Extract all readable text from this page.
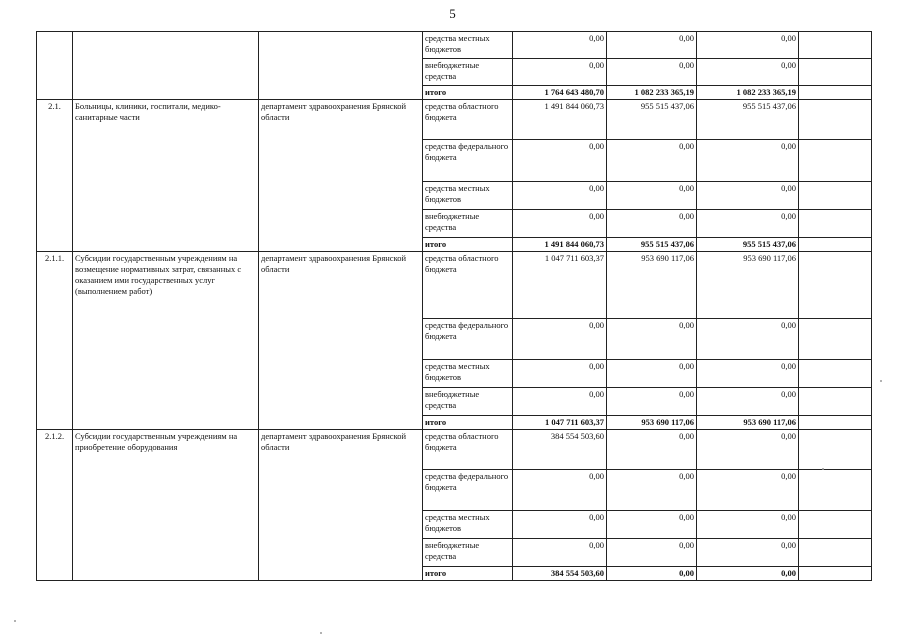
5
			средства местных бюджетов	0,00	0,00	0,00	
			внебюджетные средства	0,00	0,00	0,00	
			итого	1 764 643 480,70	1 082 233 365,19	1 082 233 365,19	
2.1.	Больницы, клиники, госпитали, медико-санитарные части	департамент здравоохранения Брянской области	средства областного бюджета	1 491 844 060,73	955 515 437,06	955 515 437,06	
			средства федерального бюджета	0,00	0,00	0,00	
			средства местных бюджетов	0,00	0,00	0,00	
			внебюджетные средства	0,00	0,00	0,00	
			итого	1 491 844 060,73	955 515 437,06	955 515 437,06	
2.1.1.	Субсидии государственным учреждениям на возмещение нормативных затрат, связанных с оказанием ими государственных услуг (выполнением работ)	департамент здравоохранения Брянской области	средства областного бюджета	1 047 711 603,37	953 690 117,06	953 690 117,06	
			средства федерального бюджета	0,00	0,00	0,00	
			средства местных бюджетов	0,00	0,00	0,00	
			внебюджетные средства	0,00	0,00	0,00	
			итого	1 047 711 603,37	953 690 117,06	953 690 117,06	
2.1.2.	Субсидии государственным учреждениям на приобретение оборудования	департамент здравоохранения Брянской области	средства областного бюджета	384 554 503,60	0,00	0,00	
			средства федерального бюджета	0,00	0,00	0,00	
			средства местных бюджетов	0,00	0,00	0,00	
			внебюджетные средства	0,00	0,00	0,00	
			итого	384 554 503,60	0,00	0,00	
